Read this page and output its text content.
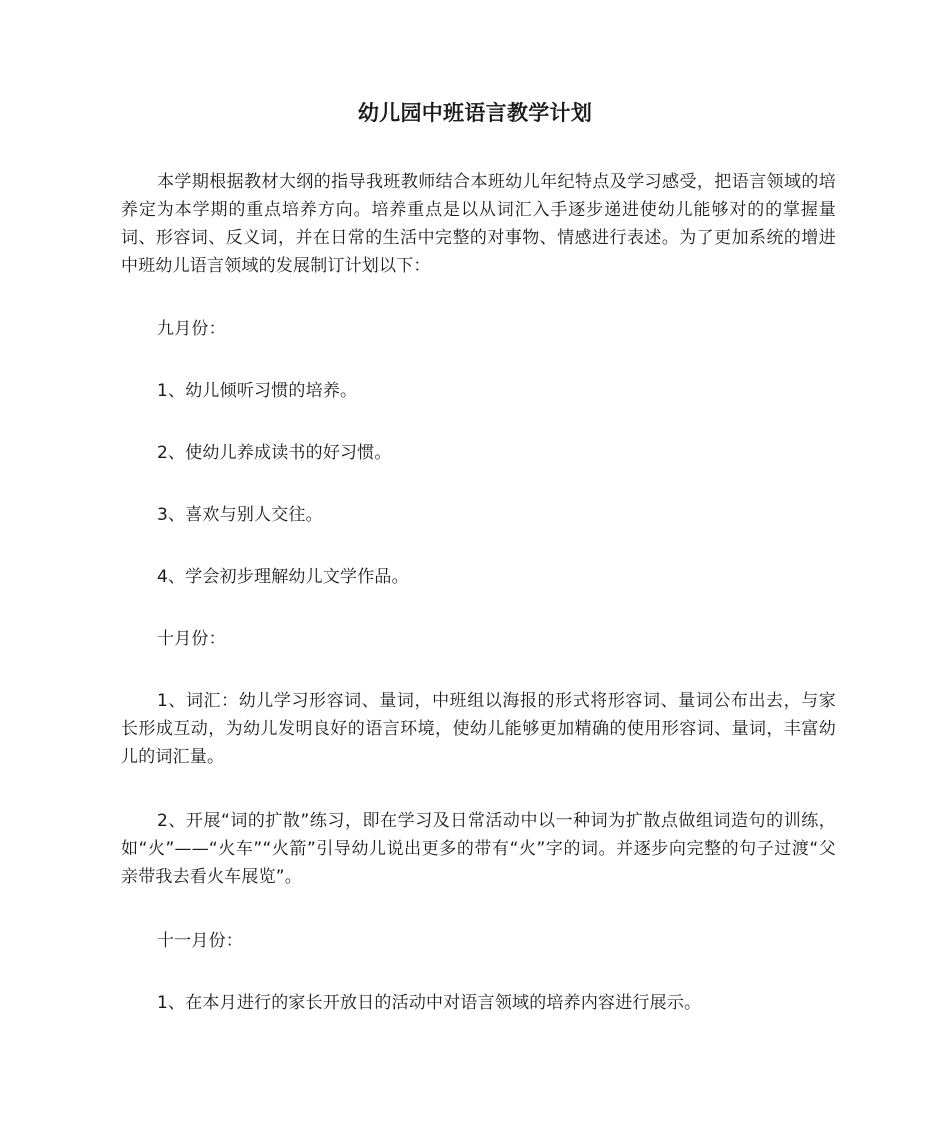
幼儿园中班语言教学计划

本学期根据教材大纲的指导我班教师结合本班幼儿年纪特点及学习感受，把语言领域的培养定为本学期的重点培养方向。培养重点是以从词汇入手逐步递进使幼儿能够对的的掌握量词、形容词、反义词，并在日常的生活中完整的对事物、情感进行表述。为了更加系统的增进中班幼儿语言领域的发展制订计划以下：

九月份：

1、幼儿倾听习惯的培养。

2、使幼儿养成读书的好习惯。

3、喜欢与别人交往。

4、学会初步理解幼儿文学作品。

十月份：

1、词汇：幼儿学习形容词、量词，中班组以海报的形式将形容词、量词公布出去，与家长形成互动，为幼儿发明良好的语言环境，使幼儿能够更加精确的使用形容词、量词，丰富幼儿的词汇量。

2、开展“词的扩散”练习，即在学习及日常活动中以一种词为扩散点做组词造句的训练，如“火”——“火车”“火箭”引导幼儿说出更多的带有“火”字的词。并逐步向完整的句子过渡“父亲带我去看火车展览”。

十一月份：

1、在本月进行的家长开放日的活动中对语言领域的培养内容进行展示。
